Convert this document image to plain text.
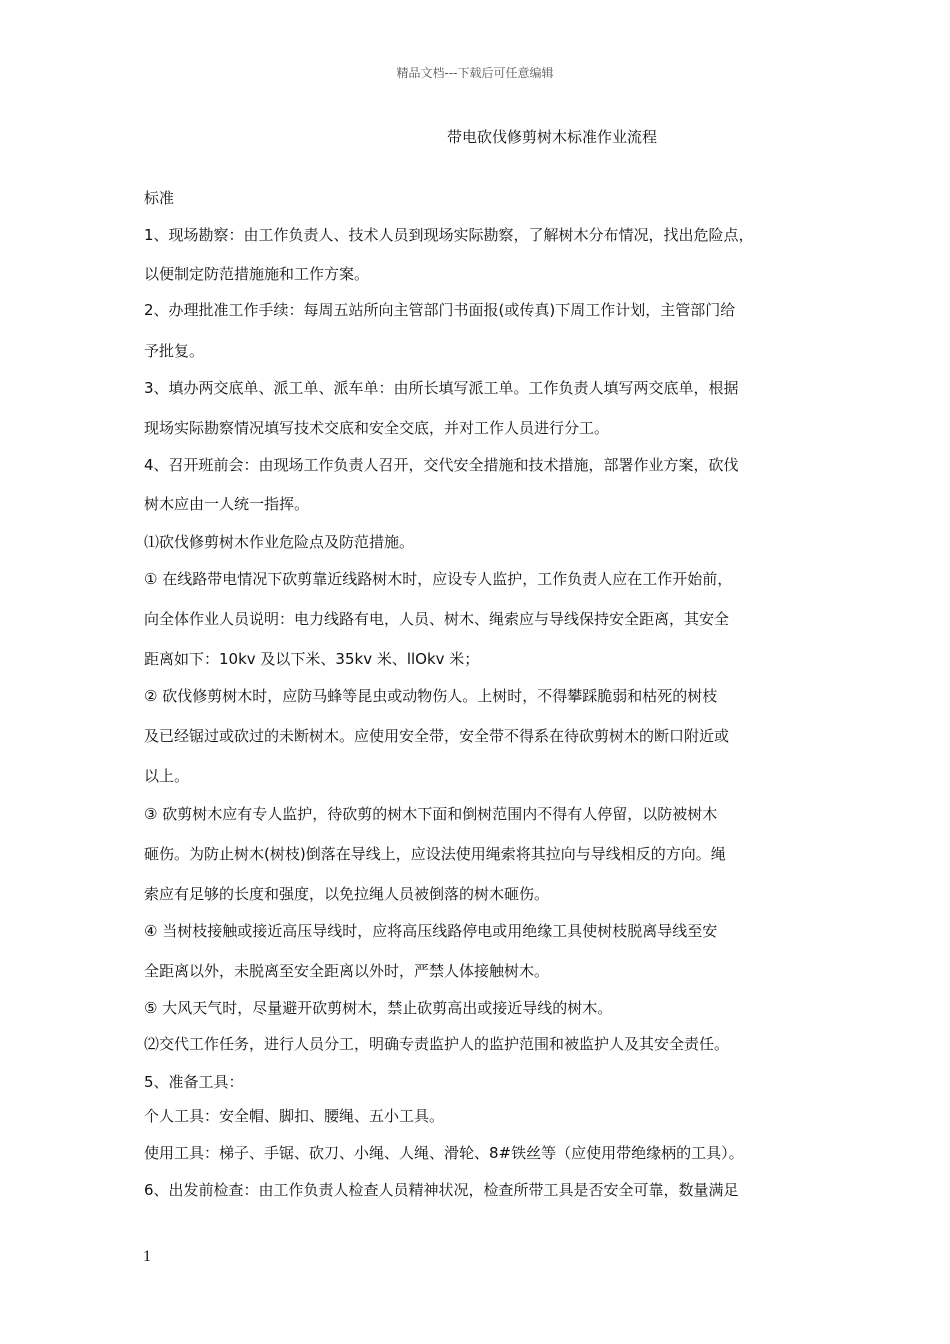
精品文档---下载后可任意编辑
带电砍伐修剪树木标准作业流程
标准
1、现场勘察：由工作负责人、技术人员到现场实际勘察，了解树木分布情况，找出危险点，
以便制定防范措施施和工作方案。
2、办理批准工作手续：每周五站所向主管部门书面报(或传真)下周工作计划，主管部门给
予批复。
3、填办两交底单、派工单、派车单：由所长填写派工单。工作负责人填写两交底单，根据
现场实际勘察情况填写技术交底和安全交底，并对工作人员进行分工。
4、召开班前会：由现场工作负责人召开，交代安全措施和技术措施，部署作业方案，砍伐
树木应由一人统一指挥。
⑴砍伐修剪树木作业危险点及防范措施。
① 在线路带电情况下砍剪靠近线路树木时，应设专人监护，工作负责人应在工作开始前，
向全体作业人员说明：电力线路有电，人员、树木、绳索应与导线保持安全距离，其安全
距离如下：10kv 及以下米、35kv 米、llOkv 米；
② 砍伐修剪树木时，应防马蜂等昆虫或动物伤人。上树时，不得攀踩脆弱和枯死的树枝
及已经锯过或砍过的未断树木。应使用安全带，安全带不得系在待砍剪树木的断口附近或
以上。
③ 砍剪树木应有专人监护，待砍剪的树木下面和倒树范围内不得有人停留，以防被树木
砸伤。为防止树木(树枝)倒落在导线上，应设法使用绳索将其拉向与导线相反的方向。绳
索应有足够的长度和强度，以免拉绳人员被倒落的树木砸伤。
④ 当树枝接触或接近高压导线时，应将高压线路停电或用绝缘工具使树枝脱离导线至安
全距离以外，未脱离至安全距离以外时，严禁人体接触树木。
⑤ 大风天气时，尽量避开砍剪树木，禁止砍剪高出或接近导线的树木。
⑵交代工作任务，进行人员分工，明确专责监护人的监护范围和被监护人及其安全责任。
5、准备工具：
个人工具：安全帽、脚扣、腰绳、五小工具。
使用工具：梯子、手锯、砍刀、小绳、人绳、滑轮、8#铁丝等（应使用带绝缘柄的工具）。
6、出发前检查：由工作负责人检查人员精神状况，检查所带工具是否安全可靠，数量满足
1
